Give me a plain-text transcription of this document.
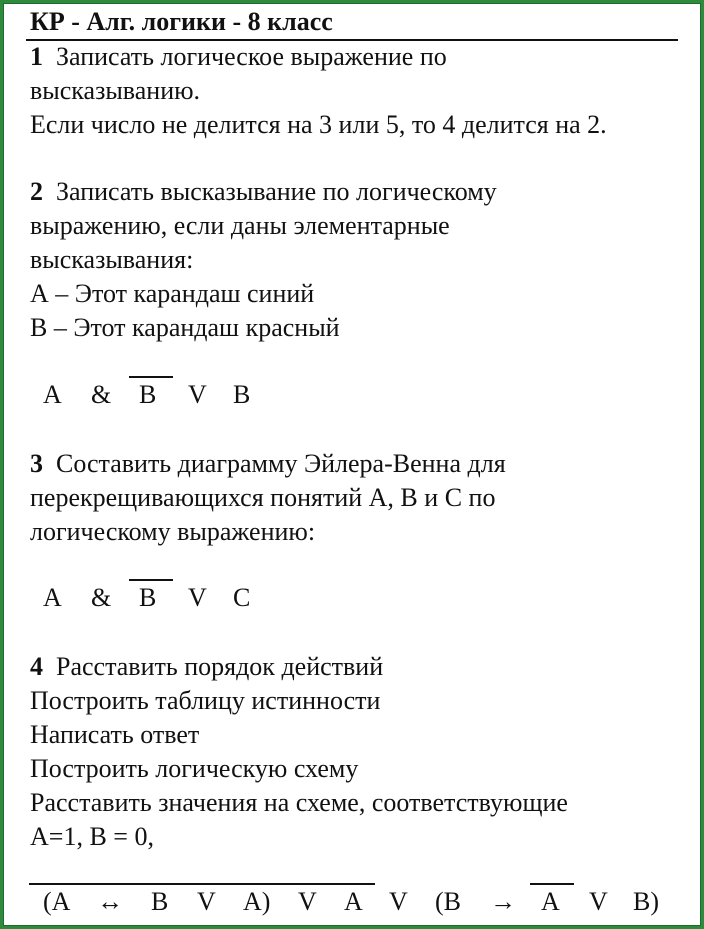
КР - Алг. логики - 8 класс
1 Записать логическое выражение по
высказыванию.
Если число не делится на 3 или 5, то 4 делится на 2.
2 Записать высказывание по логическому
выражению, если даны элементарные
высказывания:
А – Этот карандаш синий
В – Этот карандаш красный
A & B V B
3 Составить диаграмму Эйлера-Венна для
перекрещивающихся понятий А, В и С по
логическому выражению:
A & B V C
4 Расставить порядок действий
Построить таблицу истинности
Написать ответ
Построить логическую схему
Расставить значения на схеме, соответствующие
А=1, В = 0,
(A ↔ B V A) V A V (B → A V B)
